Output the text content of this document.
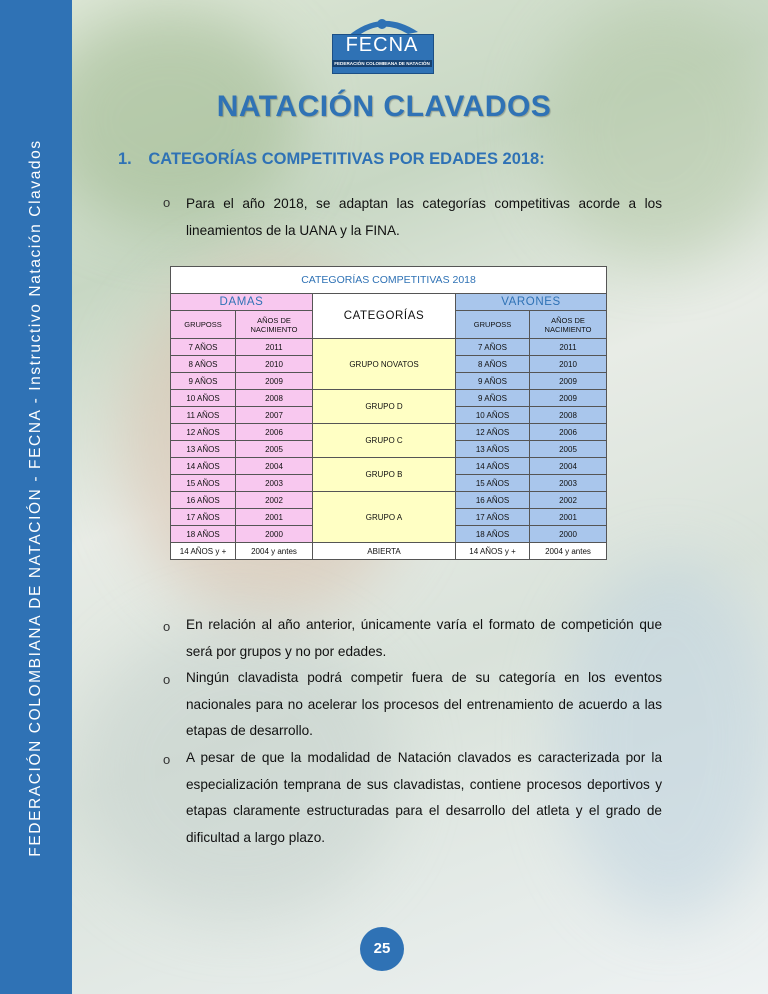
FEDERACIÓN COLOMBIANA DE NATACIÓN - FECNA - Instructivo Natación Clavados
FECNA
FEDERACIÓN COLOMBIANA DE NATACIÓN
NATACIÓN CLAVADOS
1. CATEGORÍAS COMPETITIVAS POR EDADES 2018:
o Para el año 2018, se adaptan las categorías competitivas acorde a los lineamientos de la UANA y la FINA.
CATEGORÍAS COMPETITIVAS 2018				
DAMAS		CATEGORÍAS	VARONES	
GRUPOSS	AÑOS DE NACIMIENTO		GRUPOSS	AÑOS DE NACIMIENTO
7 AÑOS	2011	GRUPO NOVATOS	7 AÑOS	2011
8 AÑOS	2010		8 AÑOS	2010
9 AÑOS	2009		9 AÑOS	2009
10 AÑOS	2008	GRUPO D	9 AÑOS	2009
11 AÑOS	2007		10 AÑOS	2008
12 AÑOS	2006	GRUPO C	12 AÑOS	2006
13 AÑOS	2005		13 AÑOS	2005
14 AÑOS	2004	GRUPO B	14 AÑOS	2004
15 AÑOS	2003		15 AÑOS	2003
16 AÑOS	2002	GRUPO A	16 AÑOS	2002
17 AÑOS	2001		17 AÑOS	2001
18 AÑOS	2000		18 AÑOS	2000
14 AÑOS y +	2004 y antes	ABIERTA	14 AÑOS y +	2004 y antes
o En relación al año anterior, únicamente varía el formato de competición que será por grupos y no por edades.
o Ningún clavadista podrá competir fuera de su categoría en los eventos nacionales para no acelerar los procesos del entrenamiento de acuerdo a las etapas de desarrollo.
o A pesar de que la modalidad de Natación clavados es caracterizada por la especialización temprana de sus clavadistas, contiene procesos deportivos y etapas claramente estructuradas para el desarrollo del atleta y el grado de dificultad a largo plazo.
25
